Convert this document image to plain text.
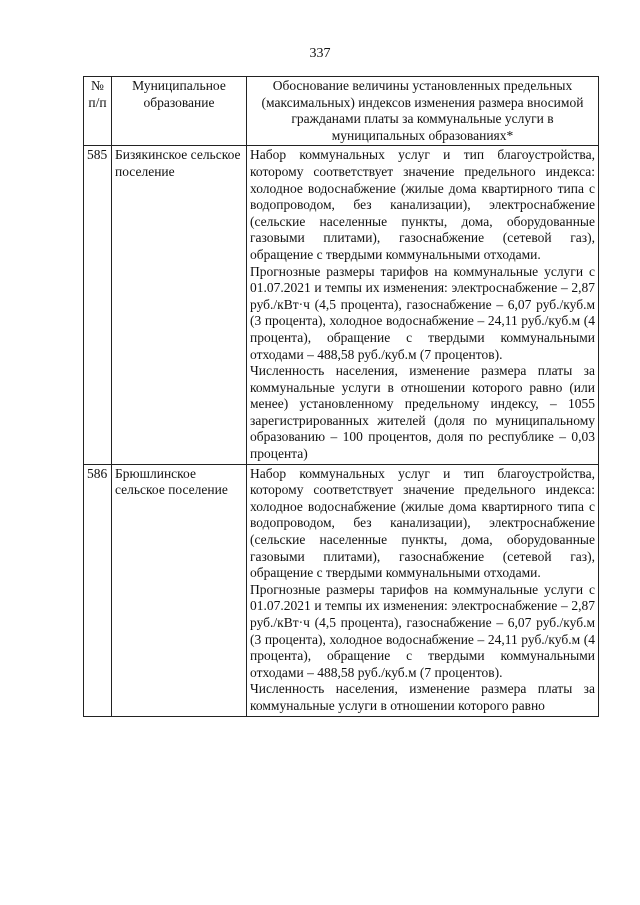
337
№ п/п	Муниципальное образование	Обоснование величины установленных предельных (максимальных) индексов изменения размера вносимой гражданами платы за коммунальные услуги в муниципальных образованиях*
585	Бизякинское сельское поселение	Набор коммунальных услуг и тип благоустройства, которому соответствует значение предельного индекса: холодное водоснабжение (жилые дома квартирного типа с водопроводом, без канализации), электроснабжение (сельские населенные пункты, дома, оборудованные газовыми плитами), газоснабжение (сетевой газ), обращение с твердыми коммунальными отходами.

Прогнозные размеры тарифов на коммунальные услуги с 01.07.2021 и темпы их изменения: электроснабжение – 2,87 руб./кВт·ч (4,5 процента), газоснабжение – 6,07 руб./куб.м (3 процента), холодное водоснабжение – 24,11 руб./куб.м (4 процента), обращение с твердыми коммунальными отходами – 488,58 руб./куб.м (7 процентов).

Численность населения, изменение размера платы за коммунальные услуги в отношении которого равно (или менее) установленному предельному индексу, – 1055 зарегистрированных жителей (доля по муниципальному образованию – 100 процентов, доля по республике – 0,03 процента)

586	Брюшлинское сельское поселение	Набор коммунальных услуг и тип благоустройства, которому соответствует значение предельного индекса: холодное водоснабжение (жилые дома квартирного типа с водопроводом, без канализации), электроснабжение (сельские населенные пункты, дома, оборудованные газовыми плитами), газоснабжение (сетевой газ), обращение с твердыми коммунальными отходами.

Прогнозные размеры тарифов на коммунальные услуги с 01.07.2021 и темпы их изменения: электроснабжение – 2,87 руб./кВт·ч (4,5 процента), газоснабжение – 6,07 руб./куб.м (3 процента), холодное водоснабжение – 24,11 руб./куб.м (4 процента), обращение с твердыми коммунальными отходами – 488,58 руб./куб.м (7 процентов).

Численность населения, изменение размера платы за коммунальные услуги в отношении которого равно
